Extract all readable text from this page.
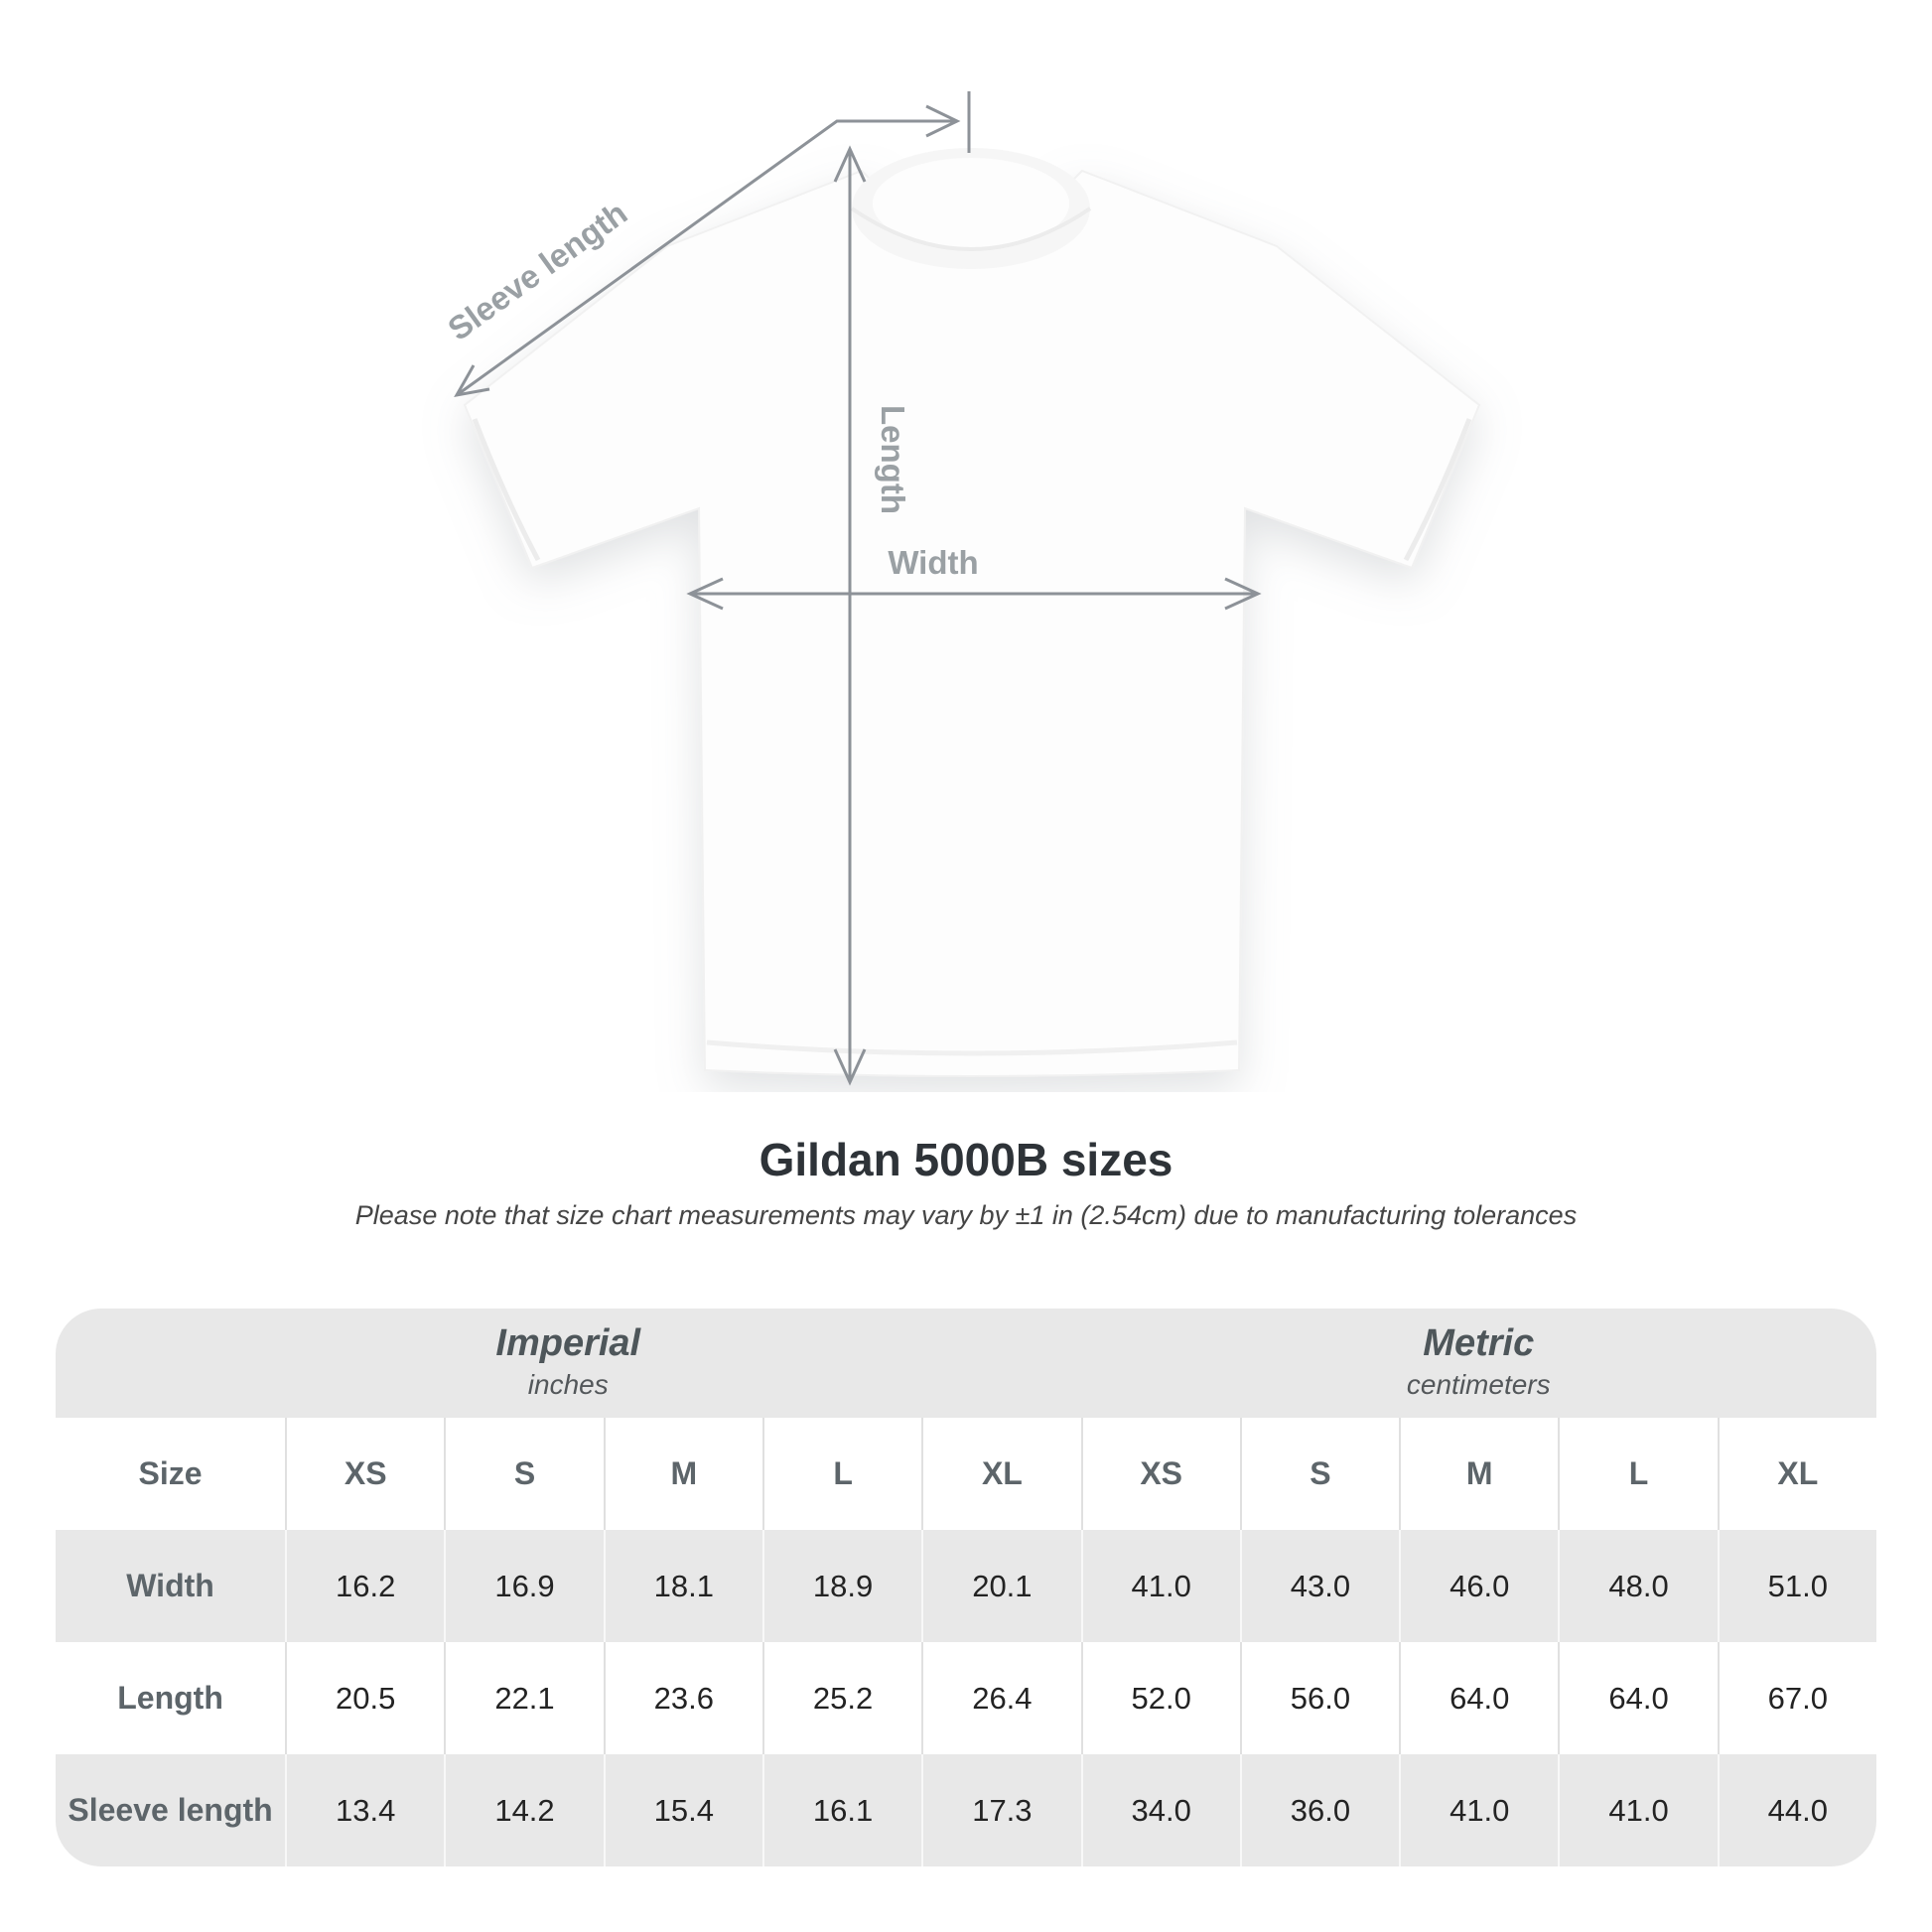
Sleeve length
Length
Width
Gildan 5000B sizes

Please note that size chart measurements may vary by ±1 in (2.54cm) due to manufacturing tolerances

Imperial
inches
Metric
centimeters
Size	XS	S	M	L	XL	XS	S	M	L	XL
Width	16.2	16.9	18.1	18.9	20.1	41.0	43.0	46.0	48.0	51.0
Length	20.5	22.1	23.6	25.2	26.4	52.0	56.0	64.0	64.0	67.0
Sleeve length	13.4	14.2	15.4	16.1	17.3	34.0	36.0	41.0	41.0	44.0
